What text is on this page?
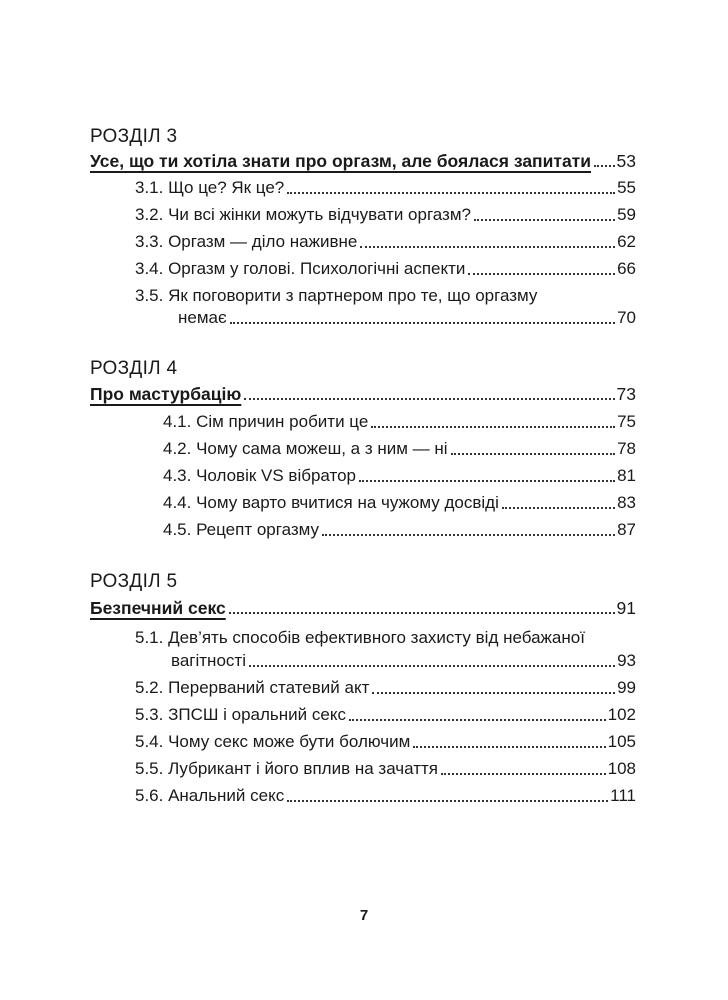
РОЗДІЛ 3
Усе, що ти хотіла знати про оргазм, але боялася запитати 53
3.1. Що це? Як це?	55
3.2. Чи всі жінки можуть відчувати оргазм?	59
3.3. Оргазм — діло наживне	62
3.4. Оргазм у голові. Психологічні аспекти	66
3.5. Як поговорити з партнером про те, що оргазму
немає	70
РОЗДІЛ 4
Про мастурбацію	73
4.1. Сім причин робити це	75
4.2. Чому сама можеш, а з ним — ні	78
4.3. Чоловік VS вібратор	81
4.4. Чому варто вчитися на чужому досвіді	83
4.5. Рецепт оргазму	87
РОЗДІЛ 5
Безпечний секс	91
5.1. Дев’ять способів ефективного захисту від небажаної
вагітності	93
5.2. Перерваний статевий акт	99
5.3. ЗПСШ і оральний секс	102
5.4. Чому секс може бути болючим	105
5.5. Лубрикант і його вплив на зачаття	108
5.6. Анальний секс	111
7
